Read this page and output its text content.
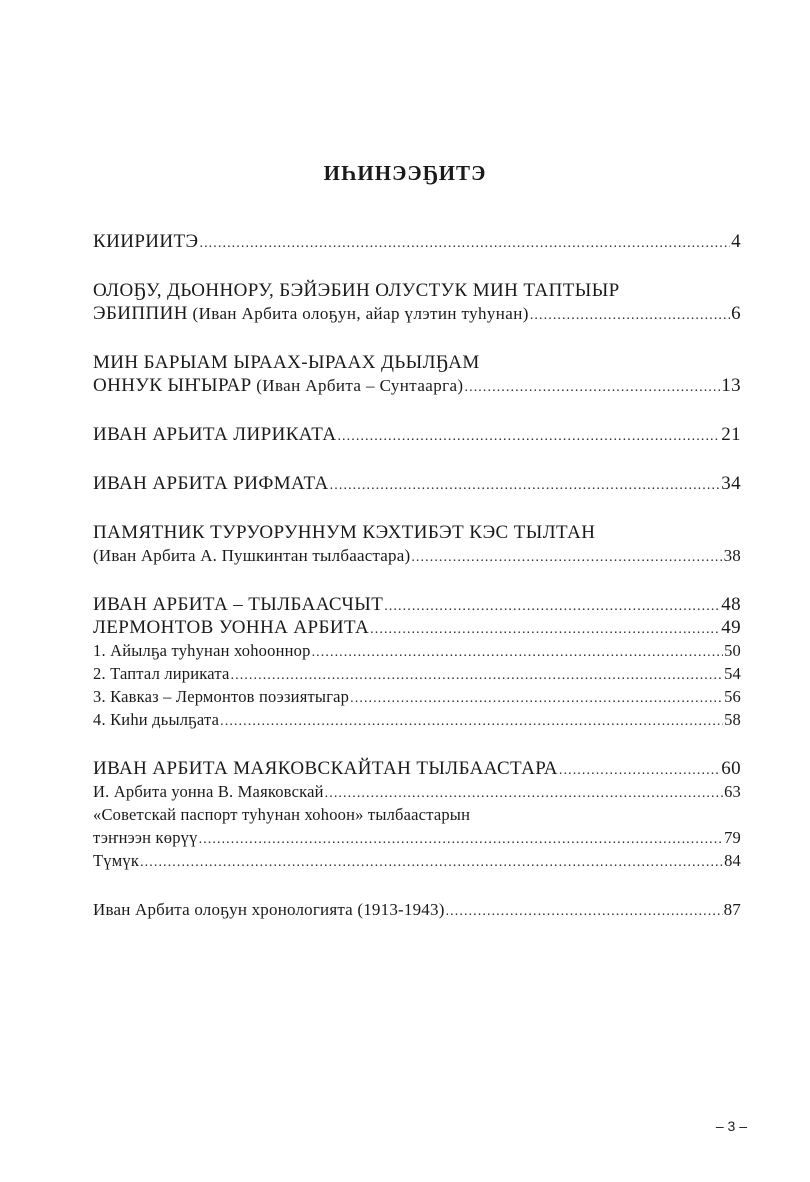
ИҺИНЭЭҔИТЭ
КИИРИИТЭ . . .	4
ОЛОҔУ, ДЬОННОРУ, БЭЙЭБИН ОЛУСТУК МИН ТАПТЫЫР
ЭБИППИН (Иван Арбита олоҕун, айар үлэтин туһунан) . . .	6
МИН БАРЫАМ ЫРААХ-ЫРААХ ДЬЫЛҔАМ
ОННУК ЫҤЫРАР (Иван Арбита – Сунтаарга) . . .	13
ИВАН АРЬИТА ЛИРИКАТА . . .	21
ИВАН АРБИТА РИФМАТА . . .	34
ПАМЯТНИК ТУРУОРУННУМ КЭХТИБЭТ КЭС ТЫЛТАН
(Иван Арбита А. Пушкинтан тылбаастара) . . .	38
ИВАН АРБИТА – ТЫЛБААСЧЫТ . . .	48
ЛЕРМОНТОВ УОННА АРБИТА . . .	49
1. Айылҕа туһунан хоһооннор . . .	50
2. Таптал лириката . . .	54
3. Кавказ – Лермонтов поэзиятыгар . . .	56
4. Киһи дьылҕата . . .	58
ИВАН АРБИТА МАЯКОВСКАЙТАН ТЫЛБААСТАРА . . .	60
И. Арбита уонна В. Маяковскай . . .	63
«Советскай паспорт туһунан хоһоон» тылбаастарын
тэҥнээн көрүү . . .	79
Түмүк . . .	84
Иван Арбита олоҕун хронологията (1913-1943) . . .	87
– 3 –
